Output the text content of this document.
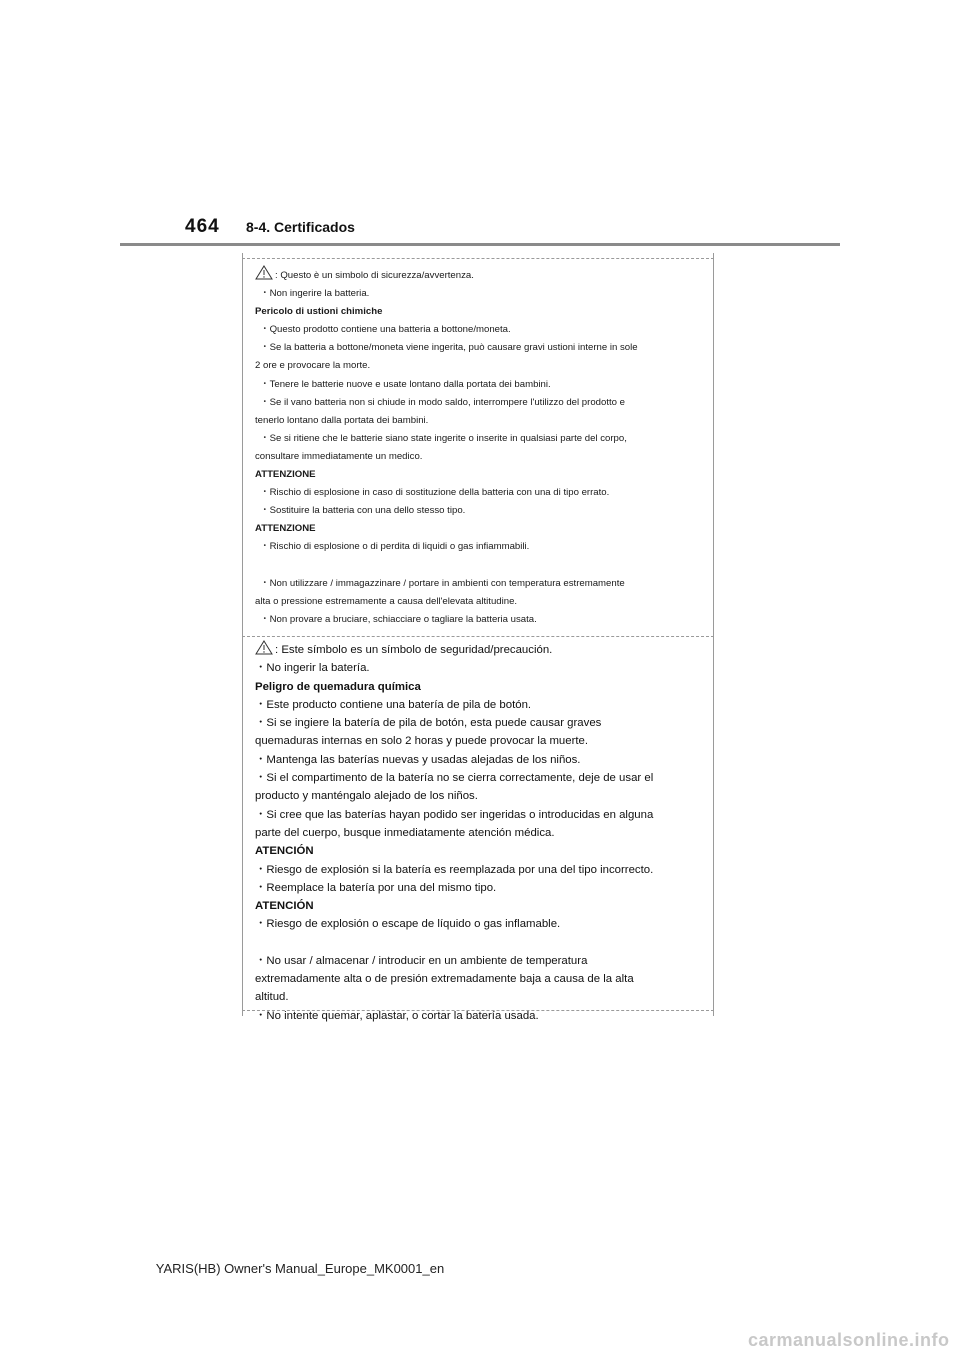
464 8-4. Certificados
: Questo è un simbolo di sicurezza/avvertenza.
・Non ingerire la batteria.
Pericolo di ustioni chimiche
・Questo prodotto contiene una batteria a bottone/moneta.
・Se la batteria a bottone/moneta viene ingerita, può causare gravi ustioni interne in sole
2 ore e provocare la morte.
・Tenere le batterie nuove e usate lontano dalla portata dei bambini.
・Se il vano batteria non si chiude in modo saldo, interrompere l'utilizzo del prodotto e
tenerlo lontano dalla portata dei bambini.
・Se si ritiene che le batterie siano state ingerite o inserite in qualsiasi parte del corpo,
consultare immediatamente un medico.
ATTENZIONE
・Rischio di esplosione in caso di sostituzione della batteria con una di tipo errato.
・Sostituire la batteria con una dello stesso tipo.
ATTENZIONE
・Rischio di esplosione o di perdita di liquidi o gas infiammabili.
・Non utilizzare / immagazzinare / portare in ambienti con temperatura estremamente
alta o pressione estremamente a causa dell'elevata altitudine.
・Non provare a bruciare, schiacciare o tagliare la batteria usata.
: Este símbolo es un símbolo de seguridad/precaución.
・No ingerir la batería.
Peligro de quemadura química
・Este producto contiene una batería de pila de botón.
・Si se ingiere la batería de pila de botón, esta puede causar graves
quemaduras internas en solo 2 horas y puede provocar la muerte.
・Mantenga las baterías nuevas y usadas alejadas de los niños.
・Si el compartimento de la batería no se cierra correctamente, deje de usar el
producto y manténgalo alejado de los niños.
・Si cree que las baterías hayan podido ser ingeridas o introducidas en alguna
parte del cuerpo, busque inmediatamente atención médica.
ATENCIÓN
・Riesgo de explosión si la batería es reemplazada por una del tipo incorrecto.
・Reemplace la batería por una del mismo tipo.
ATENCIÓN
・Riesgo de explosión o escape de líquido o gas inflamable.
・No usar / almacenar / introducir en un ambiente de temperatura
extremadamente alta o de presión extremadamente baja a causa de la alta
altitud.
・No intente quemar, aplastar, o cortar la batería usada.
YARIS(HB) Owner's Manual_Europe_MK0001_en
carmanualsonline.info
